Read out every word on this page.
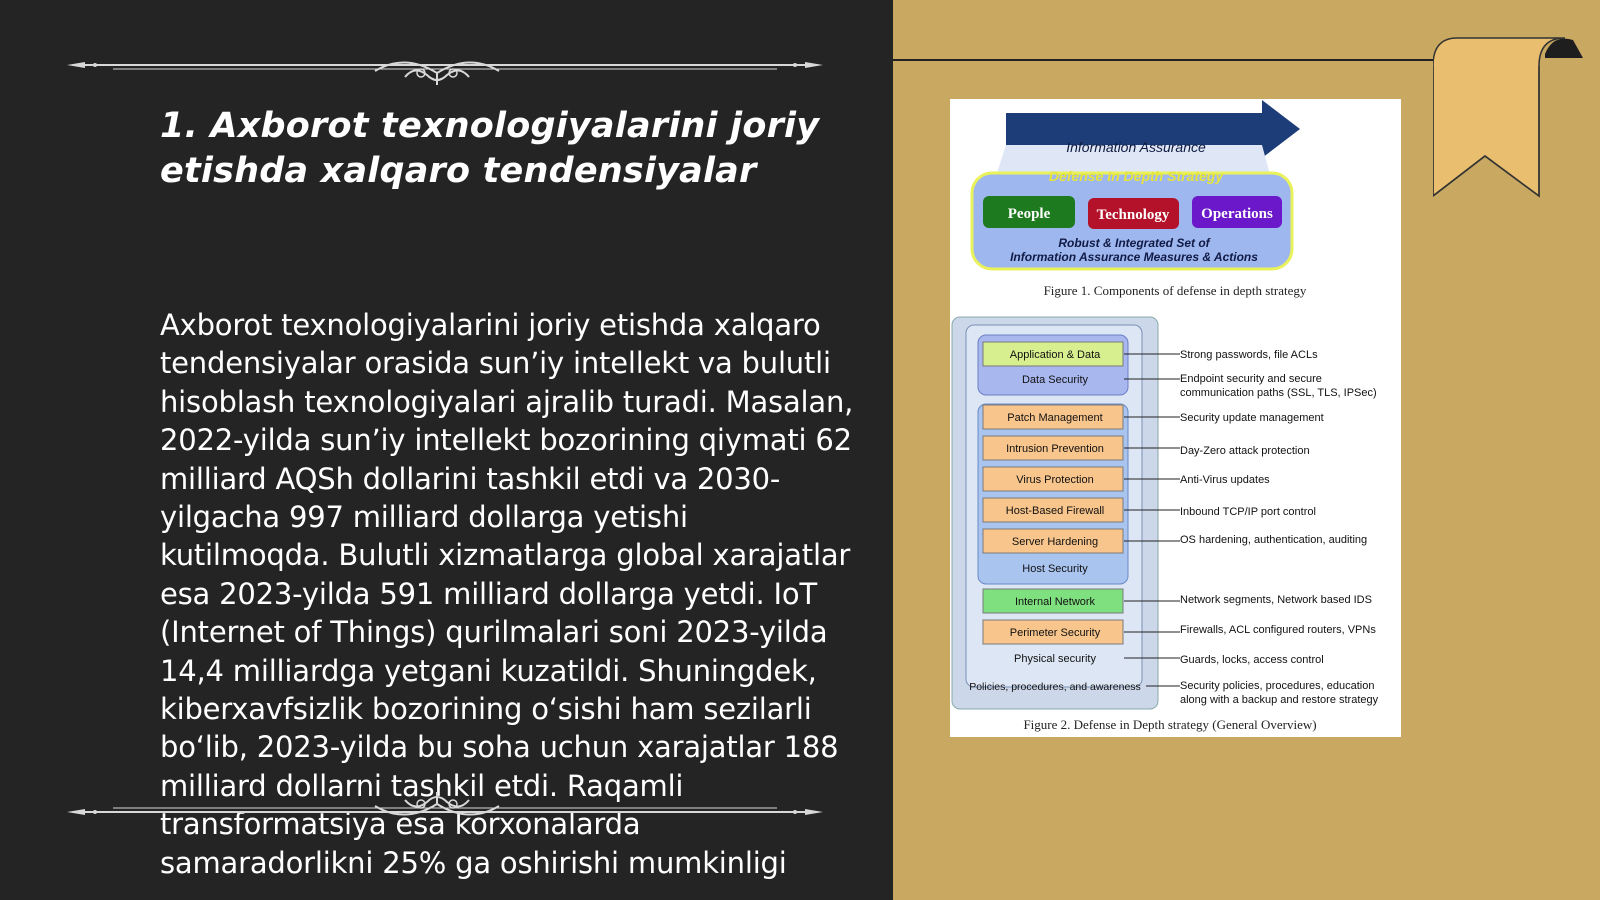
1. Axborot texnologiyalarini joriy etishda xalqaro tendensiyalar

Axborot texnologiyalarini joriy etishda xalqaro tendensiyalar orasida sun’iy intellekt va bulutli hisoblash texnologiyalari ajralib turadi. Masalan, 2022-yilda sun’iy intellekt bozorining qiymati 62 milliard AQSh dollarini tashkil etdi va 2030-yilgacha 997 milliard dollarga yetishi kutilmoqda. Bulutli xizmatlarga global xarajatlar esa 2023-yilda 591 milliard dollarga yetdi. IoT (Internet of Things) qurilmalari soni 2023-yilda 14,4 milliardga yetgani kuzatildi. Shuningdek, kiberxavfsizlik bozorining o‘sishi ham sezilarli bo‘lib, 2023-yilda bu soha uchun xarajatlar 188 milliard dollarni tashkil etdi. Raqamli transformatsiya esa korxonalarda samaradorlikni 25% ga oshirishi mumkinligi

Information Assurance
Defense In Depth Strategy
People	Technology Operations
Robust & Integrated Set of
Information Assurance Measures & Actions
Figure 1. Components of defense in depth strategy
Application & Data
Data Security
Patch Management
Intrusion Prevention
Virus Protection
Host-Based Firewall
Server Hardening
Host Security
Internal Network
Perimeter Security
Physical security
Policies, procedures, and awareness
Strong passwords, file ACLs
Endpoint security and secure
communication paths (SSL, TLS, IPSec)
Security update management
Day-Zero attack protection
Anti-Virus updates
Inbound TCP/IP port control
OS hardening, authentication, auditing
Network segments, Network based IDS
Firewalls, ACL configured routers, VPNs
Guards, locks, access control
Security policies, procedures, education
along with a backup and restore strategy
Figure 2. Defense in Depth strategy (General Overview)
